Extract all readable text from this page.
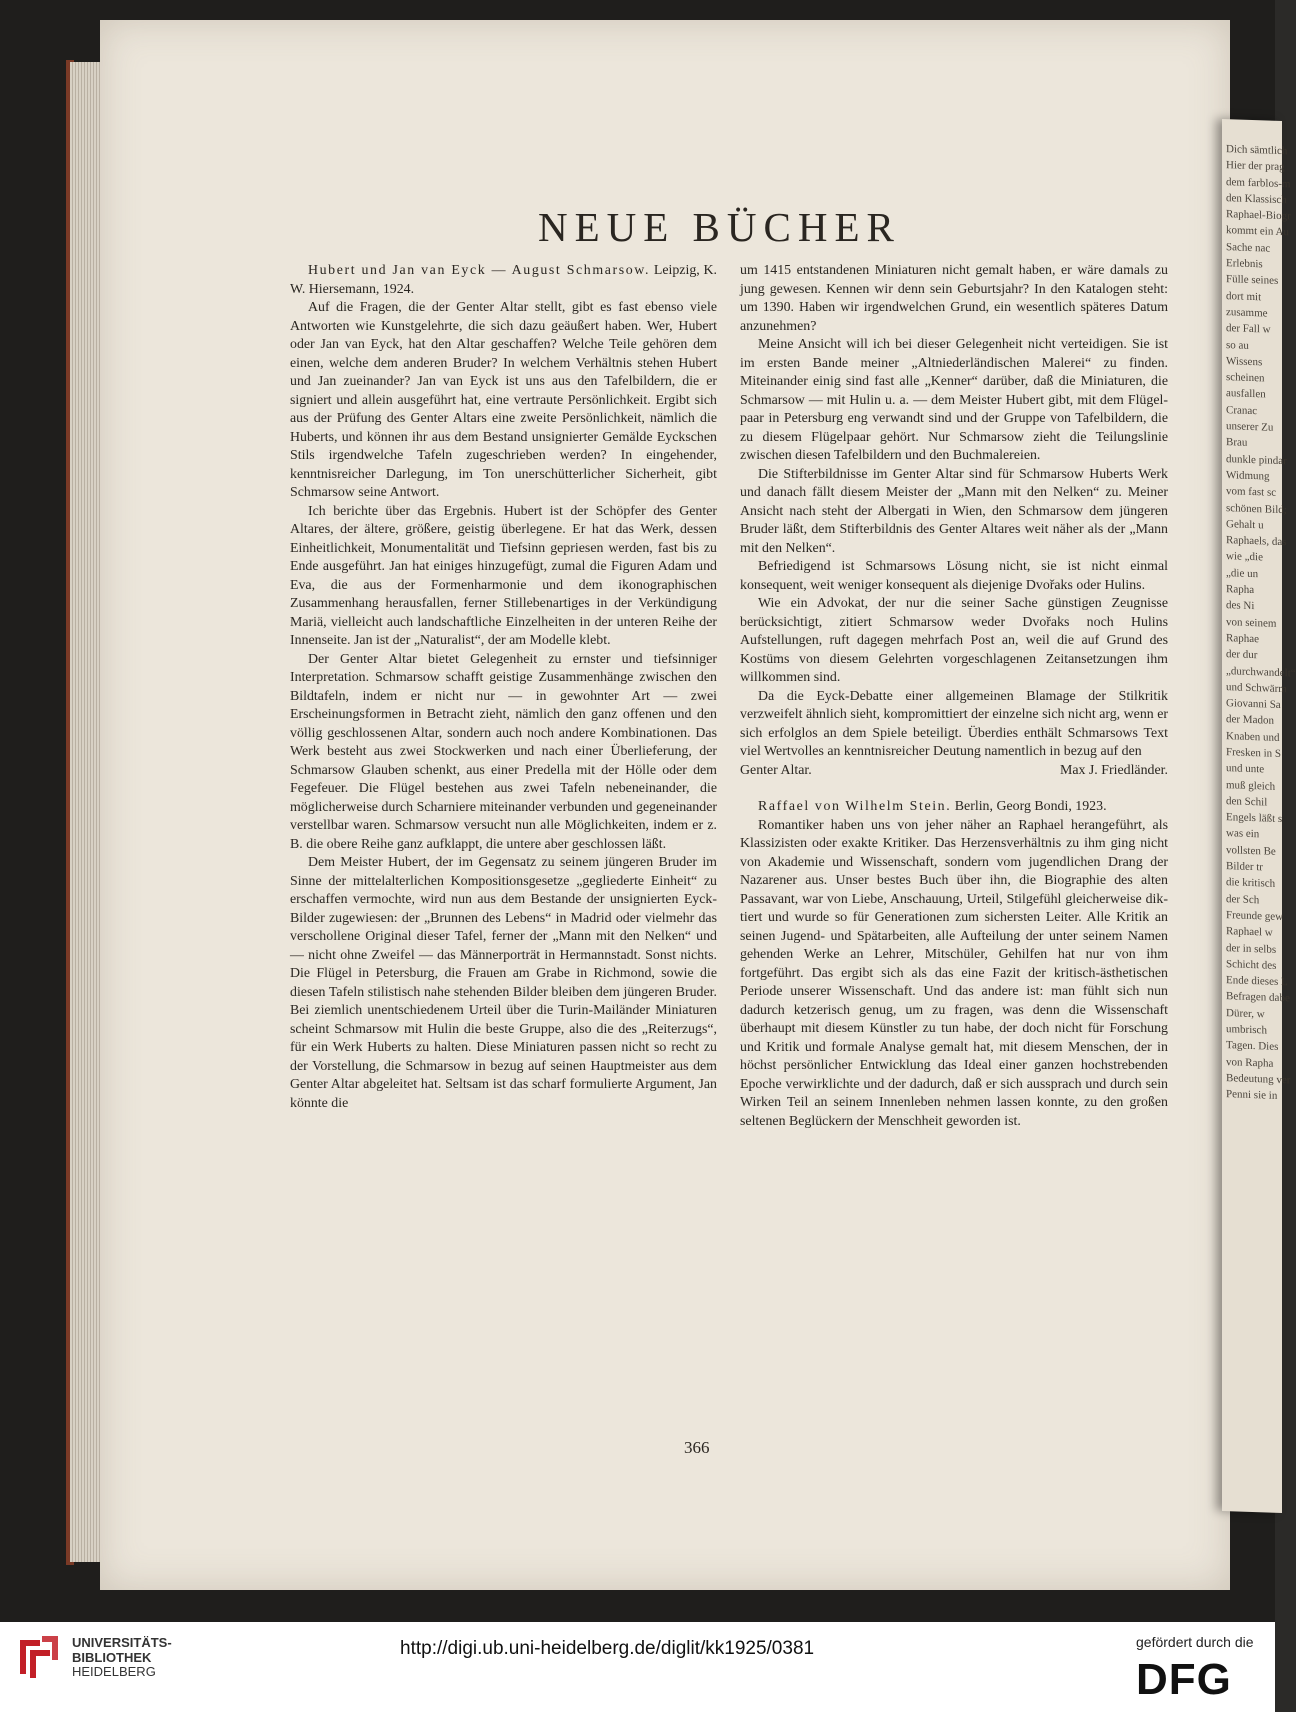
Dich sämtlich
Hier der prag
dem farblos-m
den Klassisch
Raphael-Biogr
kommt ein Au
Sache nac
Erlebnis
Fülle seines
dort mit
zusamme
der Fall w
so au
Wissens
scheinen
ausfallen
Cranac
unserer Zu
Brau
dunkle pindar
Widmung
vom fast sc
schönen Bild;
Gehalt u
Raphaels, das
wie „die
„die un
Rapha
des Ni
von seinem
Raphae
der dur
„durchwandelt“
und Schwärm
Giovanni Sa
der Madon
Knaben und
Fresken in S
und unte
muß gleich
den Schil
Engels läßt s
was ein
vollsten Be
Bilder tr
die kritisch
der Sch
Freunde gew
Raphael w
der in selbs
Schicht des
Ende dieses L
Befragen dabe
Dürer, w
umbrisch
Tagen. Dies
von Rapha
Bedeutung ver
Penni sie in
NEUE BÜCHER

Hubert und Jan van Eyck — August Schmarsow. Leipzig, K. W. Hiersemann, 1924.

Auf die Fragen, die der Genter Altar stellt, gibt es fast ebenso viele Antworten wie Kunstgelehrte, die sich dazu geäußert haben. Wer, Hubert oder Jan van Eyck, hat den Altar geschaffen? Welche Teile gehören dem einen, welche dem anderen Bruder? In welchem Verhältnis stehen Hubert und Jan zueinander? Jan van Eyck ist uns aus den Tafelbildern, die er signiert und allein ausgeführt hat, eine vertraute Persönlichkeit. Ergibt sich aus der Prüfung des Genter Altars eine zweite Persönlichkeit, nämlich die Huberts, und können ihr aus dem Bestand unsignierter Gemälde Eyckschen Stils irgendwelche Tafeln zugeschrieben werden? In eingehender, kenntnisreicher Darlegung, im Ton unerschütterlicher Sicherheit, gibt Schmarsow seine Antwort.

Ich berichte über das Ergebnis. Hubert ist der Schöpfer des Genter Altares, der ältere, größere, geistig überlegene. Er hat das Werk, dessen Einheitlichkeit, Monumentalität und Tiefsinn gepriesen werden, fast bis zu Ende ausgeführt. Jan hat einiges hinzugefügt, zumal die Figuren Adam und Eva, die aus der Formenharmonie und dem ikonographischen Zusammenhang herausfallen, ferner Stillebenartiges in der Verkündigung Mariä, vielleicht auch landschaftliche Einzelheiten in der unteren Reihe der Innenseite. Jan ist der „Naturalist“, der am Modelle klebt.

Der Genter Altar bietet Gelegenheit zu ernster und tiefsinniger Interpretation. Schmarsow schafft geistige Zusammenhänge zwischen den Bildtafeln, indem er nicht nur — in gewohnter Art — zwei Erscheinungsformen in Betracht zieht, nämlich den ganz offenen und den völlig geschlossenen Altar, sondern auch noch andere Kombinationen. Das Werk besteht aus zwei Stockwerken und nach einer Überlieferung, der Schmarsow Glauben schenkt, aus einer Predella mit der Hölle oder dem Fegefeuer. Die Flügel bestehen aus zwei Tafeln nebeneinander, die möglicherweise durch Scharniere miteinander verbunden und gegeneinander verstellbar waren. Schmarsow versucht nun alle Möglichkeiten, indem er z. B. die obere Reihe ganz aufklappt, die untere aber geschlossen läßt.

Dem Meister Hubert, der im Gegensatz zu seinem jüngeren Bruder im Sinne der mittelalterlichen Kompositionsgesetze „gegliederte Einheit“ zu erschaffen vermochte, wird nun aus dem Bestande der unsignierten Eyck-Bilder zugewiesen: der „Brunnen des Lebens“ in Madrid oder vielmehr das verschollene Original dieser Tafel, ferner der „Mann mit den Nelken“ und — nicht ohne Zweifel — das Männerporträt in Hermannstadt. Sonst nichts. Die Flügel in Petersburg, die Frauen am Grabe in Richmond, sowie die diesen Tafeln stilistisch nahe stehenden Bilder bleiben dem jüngeren Bruder. Bei ziemlich unentschiedenem Urteil über die Turin-Mailänder Miniaturen scheint Schmarsow mit Hulin die beste Gruppe, also die des „Reiterzugs“, für ein Werk Huberts zu halten. Diese Miniaturen passen nicht so recht zu der Vorstellung, die Schmarsow in bezug auf seinen Hauptmeister aus dem Genter Altar abgeleitet hat. Seltsam ist das scharf formulierte Argument, Jan könnte die

um 1415 entstandenen Miniaturen nicht gemalt haben, er wäre damals zu jung gewesen. Kennen wir denn sein Geburtsjahr? In den Katalogen steht: um 1390. Haben wir irgendwelchen Grund, ein wesentlich späteres Datum anzunehmen?

Meine Ansicht will ich bei dieser Gelegenheit nicht verteidigen. Sie ist im ersten Bande meiner „Altniederländischen Malerei“ zu finden. Miteinander einig sind fast alle „Kenner“ darüber, daß die Miniaturen, die Schmarsow — mit Hulin u. a. — dem Meister Hubert gibt, mit dem Flügelpaar in Petersburg eng verwandt sind und der Gruppe von Tafelbildern, die zu diesem Flügelpaar gehört. Nur Schmarsow zieht die Teilungslinie zwischen diesen Tafelbildern und den Buchmalereien.

Die Stifterbildnisse im Genter Altar sind für Schmarsow Huberts Werk und danach fällt diesem Meister der „Mann mit den Nelken“ zu. Meiner Ansicht nach steht der Albergati in Wien, den Schmarsow dem jüngeren Bruder läßt, dem Stifterbildnis des Genter Altares weit näher als der „Mann mit den Nelken“.

Befriedigend ist Schmarsows Lösung nicht, sie ist nicht einmal konsequent, weit weniger konsequent als diejenige Dvořaks oder Hulins.

Wie ein Advokat, der nur die seiner Sache günstigen Zeugnisse berücksichtigt, zitiert Schmarsow weder Dvořaks noch Hulins Aufstellungen, ruft dagegen mehrfach Post an, weil die auf Grund des Kostüms von diesem Gelehrten vorgeschlagenen Zeitansetzungen ihm willkommen sind.

Da die Eyck-Debatte einer allgemeinen Blamage der Stilkritik verzweifelt ähnlich sieht, kompromittiert der einzelne sich nicht arg, wenn er sich erfolglos an dem Spiele beteiligt. Überdies enthält Schmarsows Text viel Wertvolles an kenntnisreicher Deutung namentlich in bezug auf den

Genter Altar.	Max J. Friedländer.

Raffael von Wilhelm Stein. Berlin, Georg Bondi, 1923.

Romantiker haben uns von jeher näher an Raphael herangeführt, als Klassizisten oder exakte Kritiker. Das Herzensverhältnis zu ihm ging nicht von Akademie und Wissenschaft, sondern vom jugendlichen Drang der Nazarener aus. Unser bestes Buch über ihn, die Biographie des alten Passavant, war von Liebe, Anschauung, Urteil, Stilgefühl gleicherweise diktiert und wurde so für Generationen zum sichersten Leiter. Alle Kritik an seinen Jugend- und Spätarbeiten, alle Aufteilung der unter seinem Namen gehenden Werke an Lehrer, Mitschüler, Gehilfen hat nur von ihm fortgeführt. Das ergibt sich als das eine Fazit der kritisch-ästhetischen Periode unserer Wissenschaft. Und das andere ist: man fühlt sich nun dadurch ketzerisch genug, um zu fragen, was denn die Wissenschaft überhaupt mit diesem Künstler zu tun habe, der doch nicht für Forschung und Kritik und formale Analyse gemalt hat, mit diesem Menschen, der in höchst persönlicher Entwicklung das Ideal einer ganzen hochstrebenden Epoche verwirklichte und der dadurch, daß er sich aussprach und durch sein Wirken Teil an seinem Innenleben nehmen lassen konnte, zu den großen seltenen Beglückern der Menschheit geworden ist.

366
UNIVERSITÄTS-
BIBLIOTHEK
HEIDELBERG
http://digi.ub.uni-heidelberg.de/diglit/kk1925/0381	gefördert durch die
DFG
